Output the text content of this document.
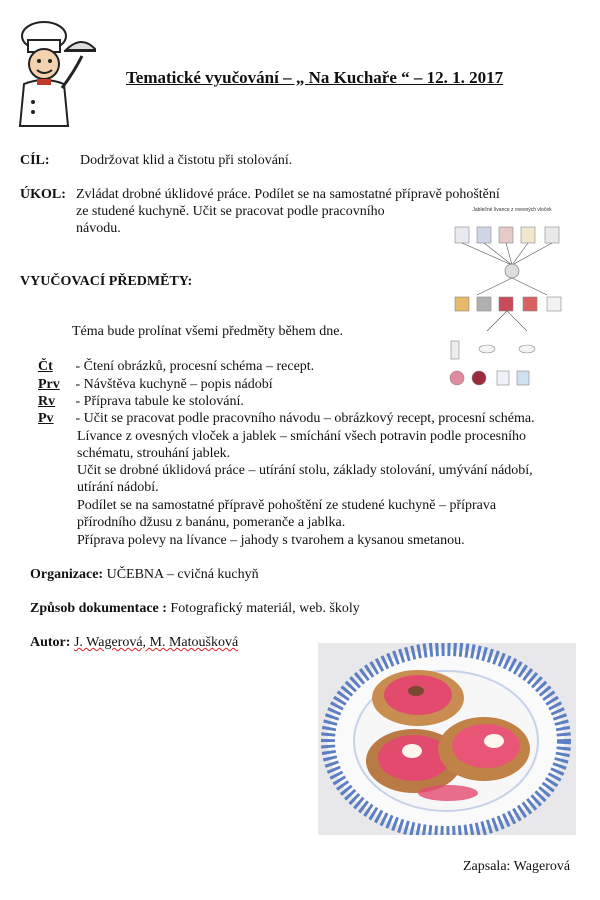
Tematické vyučování – „ Na Kuchaře “ – 12. 1. 2017
CÍL: Dodržovat klid a čistotu při stolování.
ÚKOL: Zvládat drobné úklidové práce. Podílet se na samostatné přípravě pohoštění
ze studené kuchyně. Učit se pracovat podle pracovního
návodu.
VYUČOVACÍ PŘEDMĚTY:
Téma bude prolínat všemi předměty během dne.
Čt - Čtení obrázků, procesní schéma – recept.
Prv - Návštěva kuchyně – popis nádobí
Rv - Příprava tabule ke stolování.
Pv - Učit se pracovat podle pracovního návodu – obrázkový recept, procesní schéma.
Lívance z ovesných vloček a jablek – smíchání všech potravin podle procesního
schématu, strouhání jablek.
Učit se drobné úklidová práce – utírání stolu, základy stolování, umývání nádobí,
utírání nádobí.
Podílet se na samostatné přípravě pohoštění ze studené kuchyně – příprava
přírodního džusu z banánu, pomeranče a jablka.
Příprava polevy na lívance – jahody s tvarohem a kysanou smetanou.
Organizace: UČEBNA – cvičná kuchyň
Způsob dokumentace : Fotografický materiál, web. školy
Autor: J. Wagerová, M. Matoušková
Jablečné lívance z ovesných vloček
Zapsala: Wagerová
